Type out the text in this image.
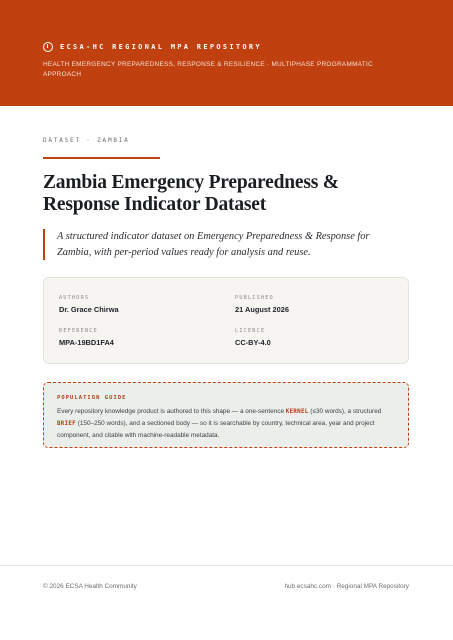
ECSA-HC REGIONAL MPA REPOSITORY
HEALTH EMERGENCY PREPAREDNESS, RESPONSE & RESILIENCE · MULTIPHASE PROGRAMMATIC APPROACH
DATASET · ZAMBIA
Zambia Emergency Preparedness & Response Indicator Dataset
A structured indicator dataset on Emergency Preparedness & Response for Zambia, with per-period values ready for analysis and reuse.
AUTHORS
Dr. Grace Chirwa
PUBLISHED
21 August 2026
REFERENCE
MPA-19BD1FA4
LICENCE
CC-BY-4.0
POPULATION GUIDE
Every repository knowledge product is authored to this shape — a one-sentence KERNEL (≤30 words), a structured BRIEF (150–250 words), and a sectioned body — so it is searchable by country, technical area, year and project component, and citable with machine-readable metadata.
© 2026 ECSA Health Community	hub.ecsahc.com · Regional MPA Repository
